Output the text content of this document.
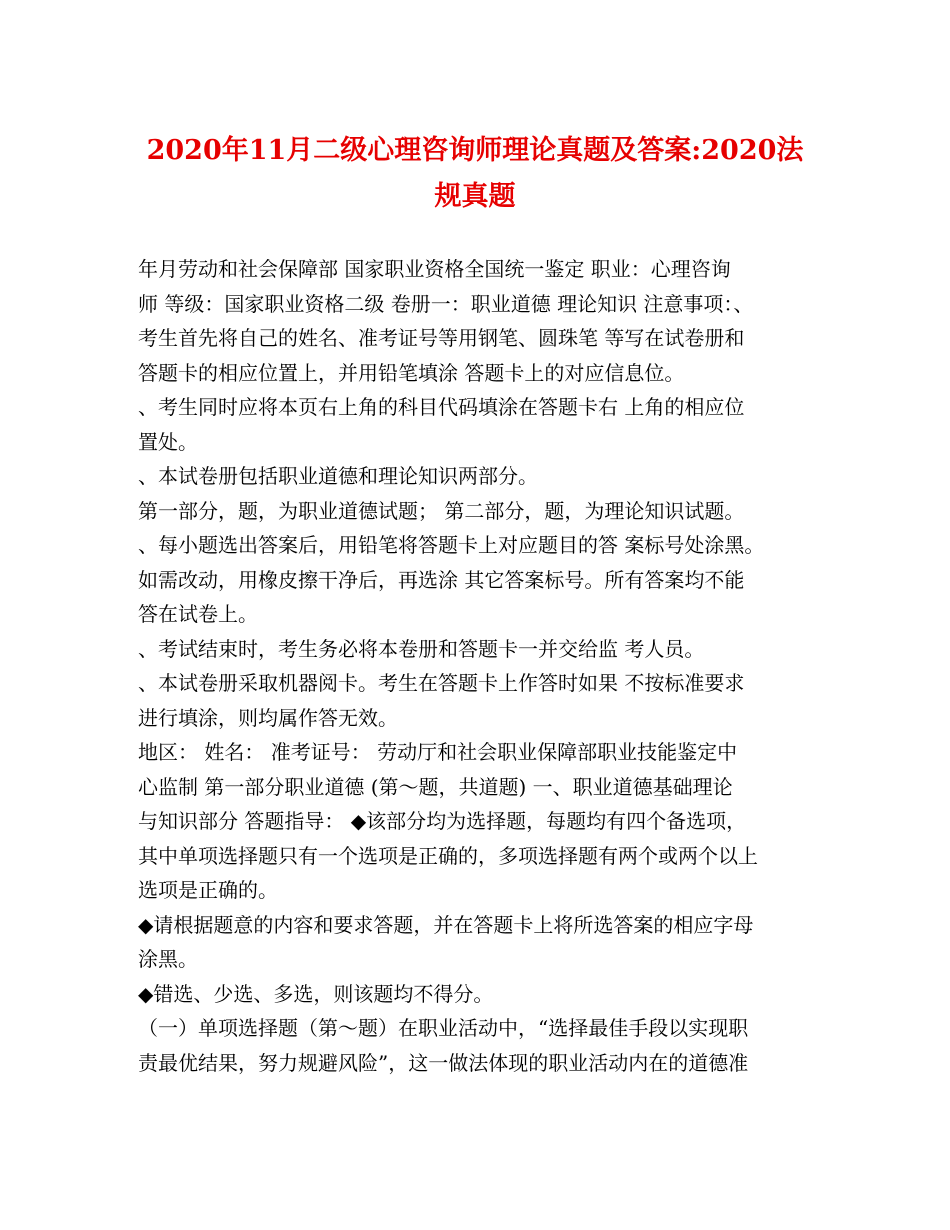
2020年11月二级心理咨询师理论真题及答案:2020法
规真题
年月劳动和社会保障部 国家职业资格全国统一鉴定 职业：心理咨询
师 等级：国家职业资格二级 卷册一：职业道德 理论知识 注意事项：、
考生首先将自己的姓名、准考证号等用钢笔、圆珠笔 等写在试卷册和
答题卡的相应位置上，并用铅笔填涂 答题卡上的对应信息位。
、考生同时应将本页右上角的科目代码填涂在答题卡右 上角的相应位
置处。
、本试卷册包括职业道德和理论知识两部分。
第一部分，题，为职业道德试题； 第二部分，题，为理论知识试题。
、每小题选出答案后，用铅笔将答题卡上对应题目的答 案标号处涂黑。
如需改动，用橡皮擦干净后，再选涂 其它答案标号。所有答案均不能
答在试卷上。
、考试结束时，考生务必将本卷册和答题卡一并交给监 考人员。
、本试卷册采取机器阅卡。考生在答题卡上作答时如果 不按标准要求
进行填涂，则均属作答无效。
地区： 姓名： 准考证号： 劳动厅和社会职业保障部职业技能鉴定中
心监制 第一部分职业道德 (第～题，共道题) 一、职业道德基础理论
与知识部分 答题指导： ◆该部分均为选择题，每题均有四个备选项，
其中单项选择题只有一个选项是正确的，多项选择题有两个或两个以上
选项是正确的。
◆请根据题意的内容和要求答题，并在答题卡上将所选答案的相应字母
涂黑。
◆错选、少选、多选，则该题均不得分。
（一）单项选择题（第～题）在职业活动中，“选择最佳手段以实现职
责最优结果，努力规避风险”，这一做法体现的职业活动内在的道德准
